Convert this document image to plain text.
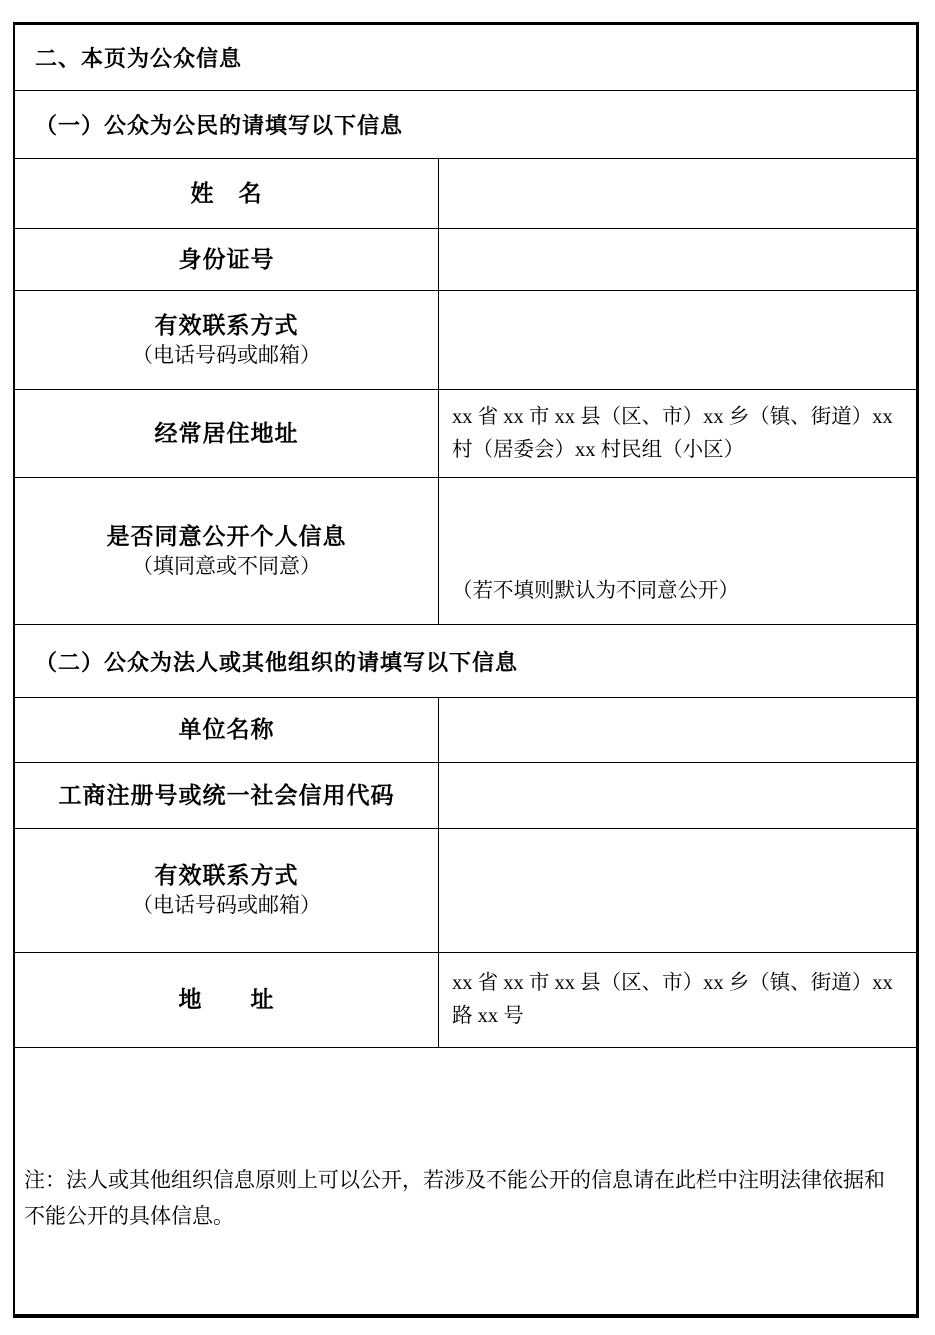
二、本页为公众信息
（一）公众为公民的请填写以下信息
姓　名
身份证号
有效联系方式
（电话号码或邮箱）
经常居住地址
xx 省 xx 市 xx 县（区、市）xx 乡（镇、街道）xx 村（居委会）xx 村民组（小区）
是否同意公开个人信息
（填同意或不同意）
（若不填则默认为不同意公开）
（二）公众为法人或其他组织的请填写以下信息
单位名称
工商注册号或统一社会信用代码
有效联系方式
（电话号码或邮箱）
地　　址
xx 省 xx 市 xx 县（区、市）xx 乡（镇、街道）xx 路 xx 号
注：法人或其他组织信息原则上可以公开，若涉及不能公开的信息请在此栏中注明法律依据和不能公开的具体信息。
